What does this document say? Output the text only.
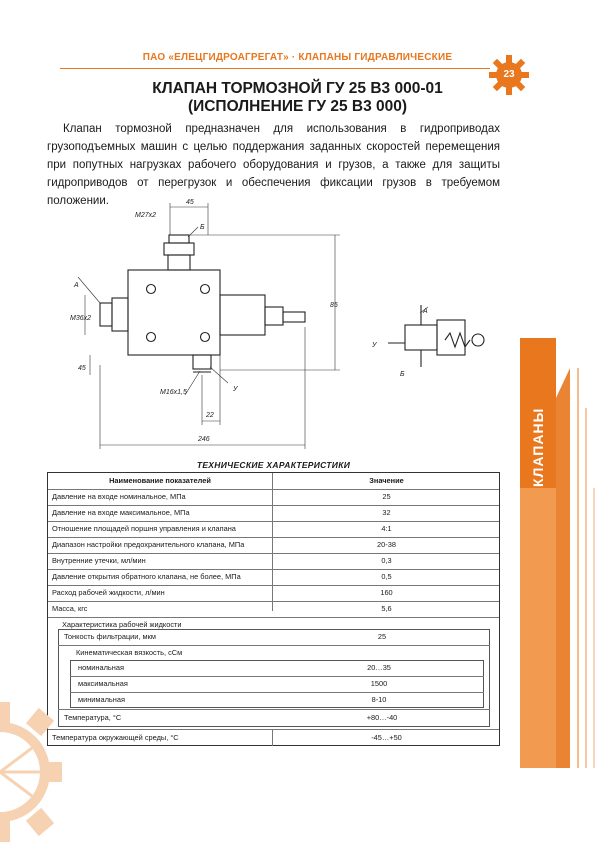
ПАО «ЕЛЕЦГИДРОАГРЕГАТ» · КЛАПАНЫ ГИДРАВЛИЧЕСКИЕ
23
КЛАПАН ТОРМОЗНОЙ ГУ 25 В3 000-01
(ИСПОЛНЕНИЕ ГУ 25 В3 000)

Клапан тормозной предназначен для использования в гидроприводах грузоподъемных машин с целью поддержания заданных скоростей перемещения при попутных нагрузках рабочего оборудования и грузов, а также для защиты гидроприводов от перегрузок и обеспечения фиксации грузов в требуемом положении.

КЛАПАНЫ
45
M27x2
Б
А
У
M36x2
85
45
M16x1,5
22
246
А
У
Б
ТЕХНИЧЕСКИЕ ХАРАКТЕРИСТИКИ
Наименование показателей	Значение
Давление на входе номинальное, МПа	25
Давление на входе максимальное, МПа	32
Отношение площадей поршня управления и клапана	4:1
Диапазон настройки предохранительного клапана, МПа	20-38
Внутренние утечки, мл/мин	0,3
Давление открытия обратного клапана, не более, МПа	0,5
Расход рабочей жидкости, л/мин	160
Масса, кгс	5,6
Характеристика рабочей жидкости
Тонкость фильтрации, мкм	25
Кинематическая вязкость, сСм
номинальная	20…35
максимальная	1500
минимальная	8-10
Температура, °С	+80…-40
Температура окружающей среды, °С	-45…+50
